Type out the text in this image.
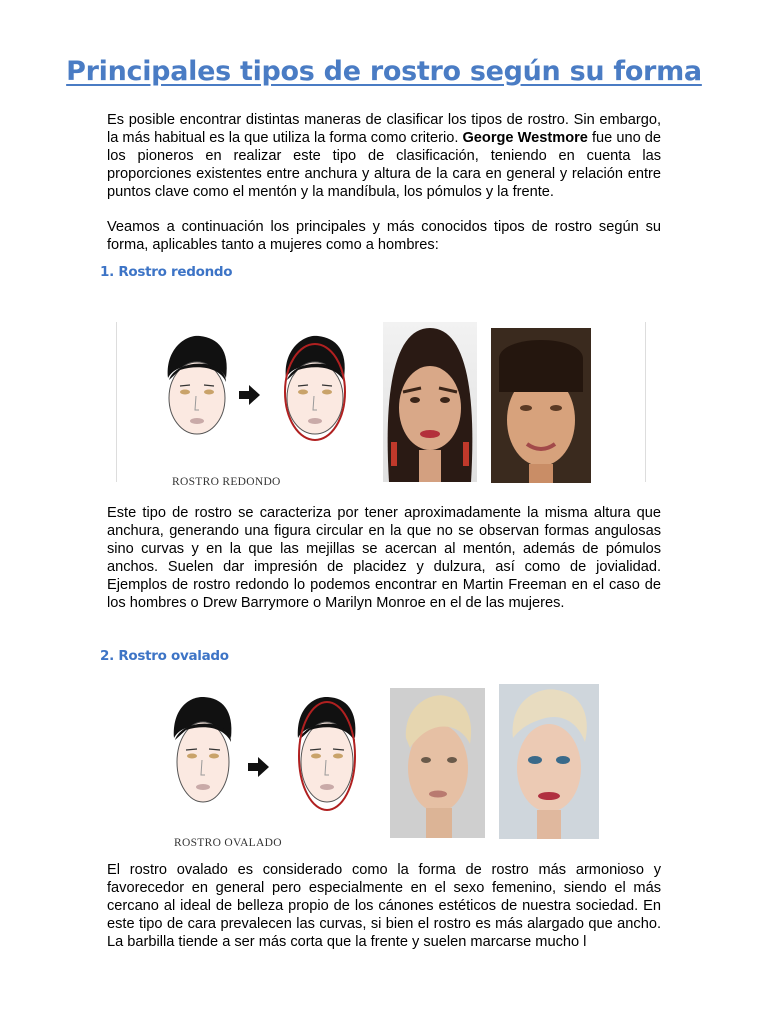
Principales tipos de rostro según su forma

Es posible encontrar distintas maneras de clasificar los tipos de rostro. Sin embargo, la más habitual es la que utiliza la forma como criterio. George Westmore fue uno de los pioneros en realizar este tipo de clasificación, teniendo en cuenta las proporciones existentes entre anchura y altura de la cara en general y relación entre puntos clave como el mentón y la mandíbula, los pómulos y la frente.

Veamos a continuación los principales y más conocidos tipos de rostro según su forma, aplicables tanto a mujeres como a hombres:

1. Rostro redondo

ROSTRO REDONDO

Este tipo de rostro se caracteriza por tener aproximadamente la misma altura que anchura, generando una figura circular en la que no se observan formas angulosas sino curvas y en la que las mejillas se acercan al mentón, además de pómulos anchos. Suelen dar impresión de placidez y dulzura, así como de jovialidad. Ejemplos de rostro redondo lo podemos encontrar en Martin Freeman en el caso de los hombres o Drew Barrymore o Marilyn Monroe en el de las mujeres.

2. Rostro ovalado

ROSTRO OVALADO

El rostro ovalado es considerado como la forma de rostro más armonioso y favorecedor en general pero especialmente en el sexo femenino, siendo el más cercano al ideal de belleza propio de los cánones estéticos de nuestra sociedad. En este tipo de cara prevalecen las curvas, si bien el rostro es más alargado que ancho. La barbilla tiende a ser más corta que la frente y suelen marcarse mucho l
